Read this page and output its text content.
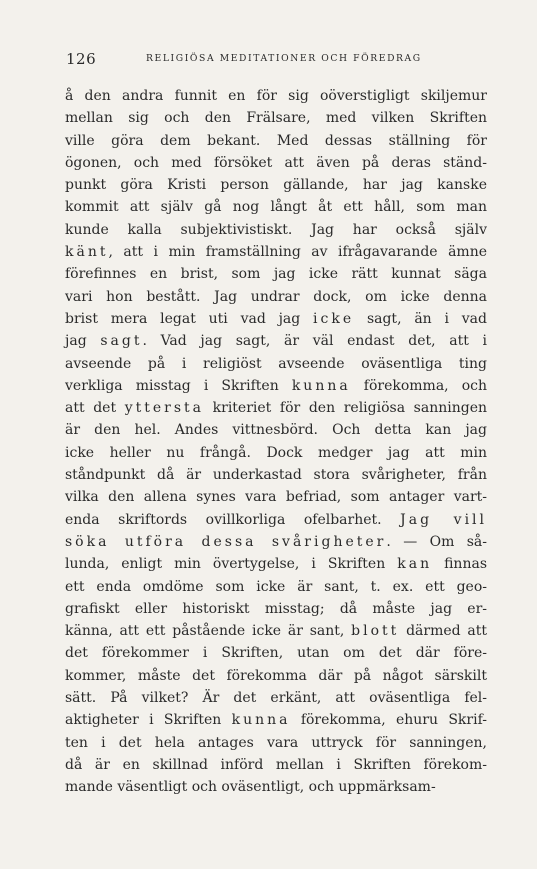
126	RELIGIÖSA MEDITATIONER OCH FÖREDRAG
å den andra funnit en för sig oöverstigligt skiljemur
mellan sig och den Frälsare, med vilken Skriften
ville göra dem bekant. Med dessas ställning för
ögonen, och med försöket att även på deras ständ-
punkt göra Kristi person gällande, har jag kanske
kommit att själv gå nog långt åt ett håll, som man
kunde kalla subjektivistiskt. Jag har också själv
känt, att i min framställning av ifrågavarande ämne
förefinnes en brist, som jag icke rätt kunnat säga
vari hon bestått. Jag undrar dock, om icke denna
brist mera legat uti vad jag icke sagt, än i vad
jag sagt. Vad jag sagt, är väl endast det, att i
avseende på i religiöst avseende oväsentliga ting
verkliga misstag i Skriften kunna förekomma, och
att det yttersta kriteriet för den religiösa sanningen
är den hel. Andes vittnesbörd. Och detta kan jag
icke heller nu frångå. Dock medger jag att min
ståndpunkt då är underkastad stora svårigheter, från
vilka den allena synes vara befriad, som antager vart-
enda skriftords ovillkorliga ofelbarhet. Jag vill
söka utföra dessa svårigheter. — Om så-
lunda, enligt min övertygelse, i Skriften kan finnas
ett enda omdöme som icke är sant, t. ex. ett geo-
grafiskt eller historiskt misstag; då måste jag er-
känna, att ett påstående icke är sant, blott därmed att
det förekommer i Skriften, utan om det där före-
kommer, måste det förekomma där på något särskilt
sätt. På vilket? Är det erkänt, att oväsentliga fel-
aktigheter i Skriften kunna förekomma, ehuru Skrif-
ten i det hela antages vara uttryck för sanningen,
då är en skillnad införd mellan i Skriften förekom-
mande väsentligt och oväsentligt, och uppmärksam-
